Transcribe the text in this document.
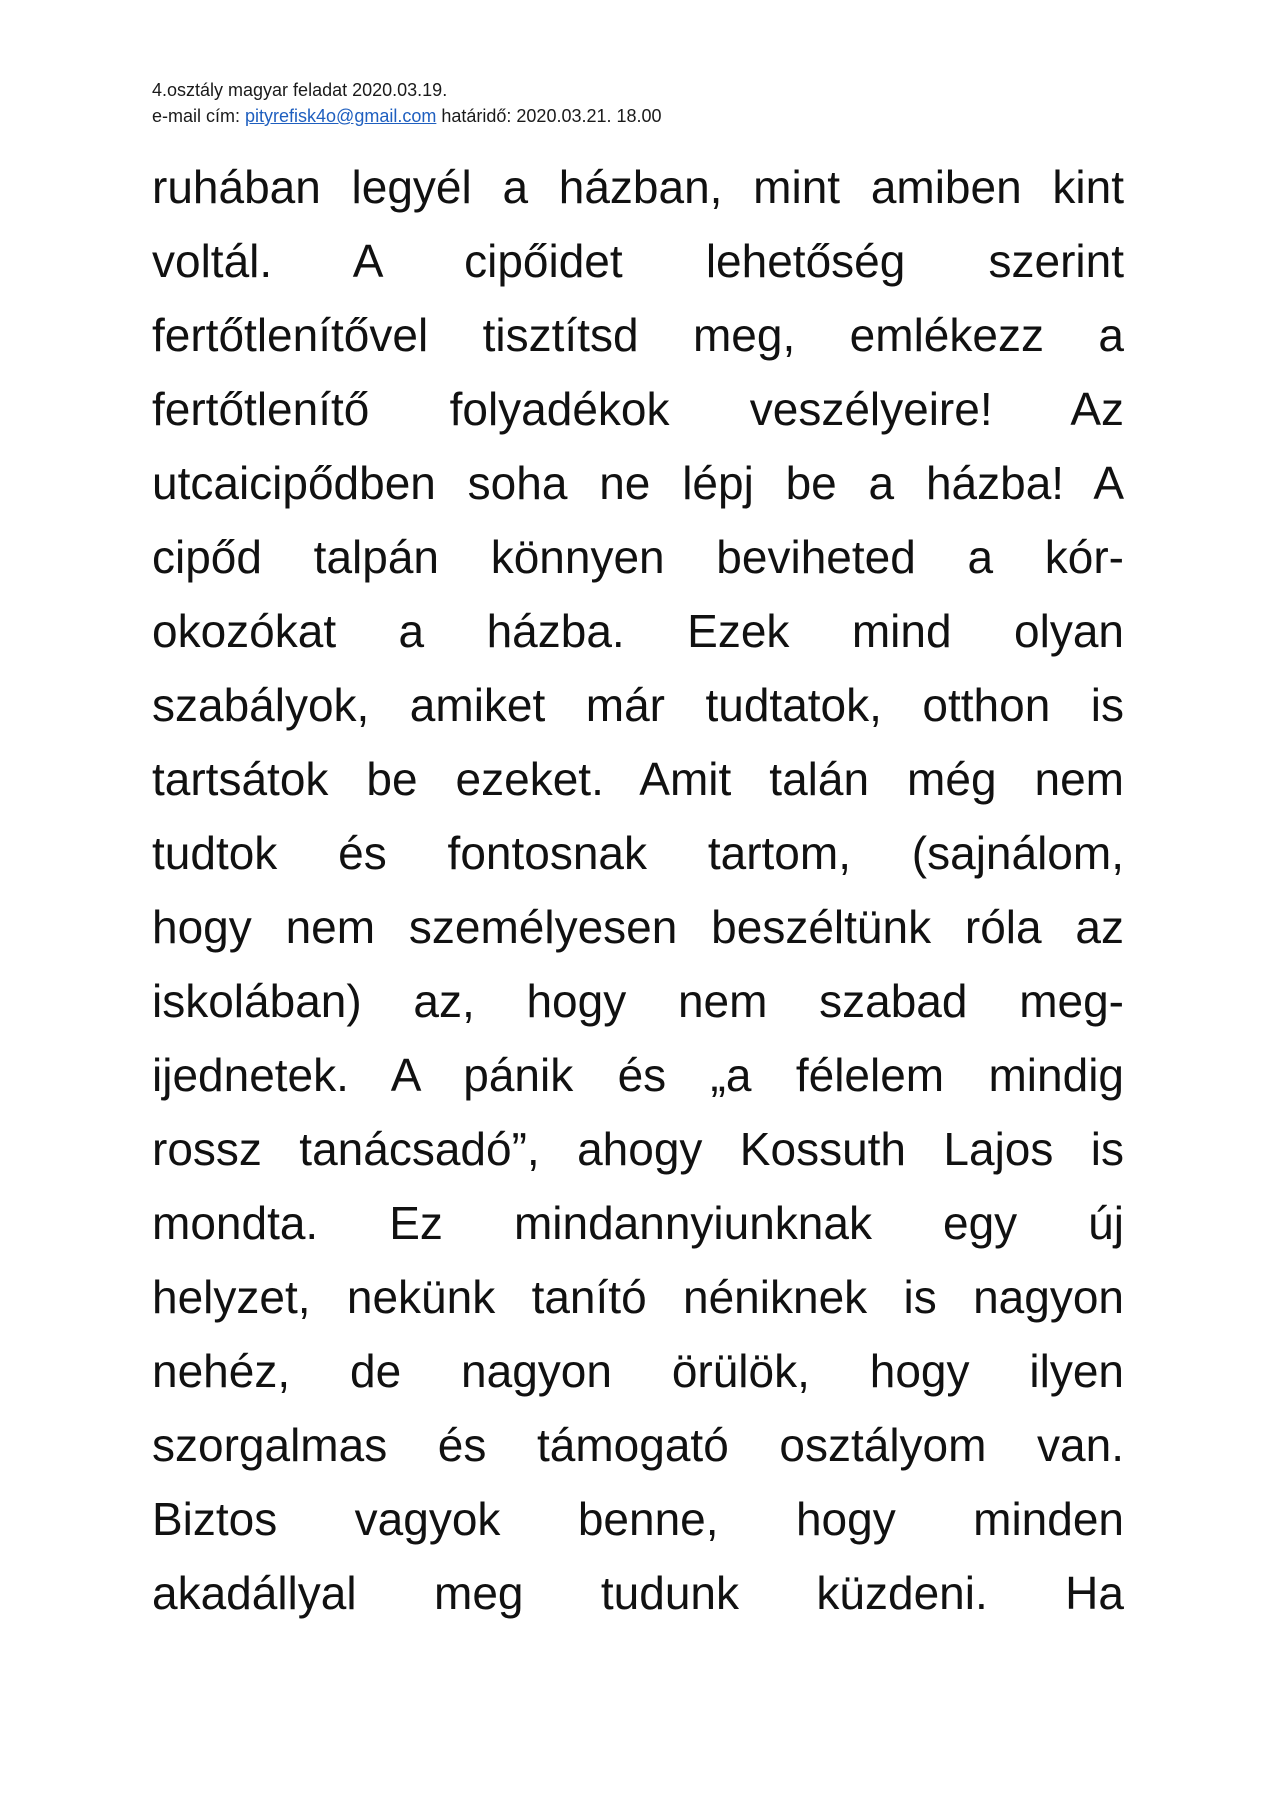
4.osztály magyar feladat 2020.03.19.
e-mail cím: pityrefisk4o@gmail.com határidő: 2020.03.21. 18.00
ruhában legyél a házban, mint amiben kint
voltál. A cipőidet lehetőség szerint
fertőtlenítővel tisztítsd meg, emlékezz a
fertőtlenítő folyadékok veszélyeire! Az
utcaicipődben soha ne lépj be a házba! A
cipőd talpán könnyen beviheted a kór-
okozókat a házba. Ezek mind olyan
szabályok, amiket már tudtatok, otthon is
tartsátok be ezeket. Amit talán még nem
tudtok és fontosnak tartom, (sajnálom,
hogy nem személyesen beszéltünk róla az
iskolában) az, hogy nem szabad meg-
ijednetek. A pánik és „a félelem mindig
rossz tanácsadó”, ahogy Kossuth Lajos is
mondta. Ez mindannyiunknak egy új
helyzet, nekünk tanító néniknek is nagyon
nehéz, de nagyon örülök, hogy ilyen
szorgalmas és támogató osztályom van.
Biztos vagyok benne, hogy minden
akadállyal meg tudunk küzdeni. Ha
